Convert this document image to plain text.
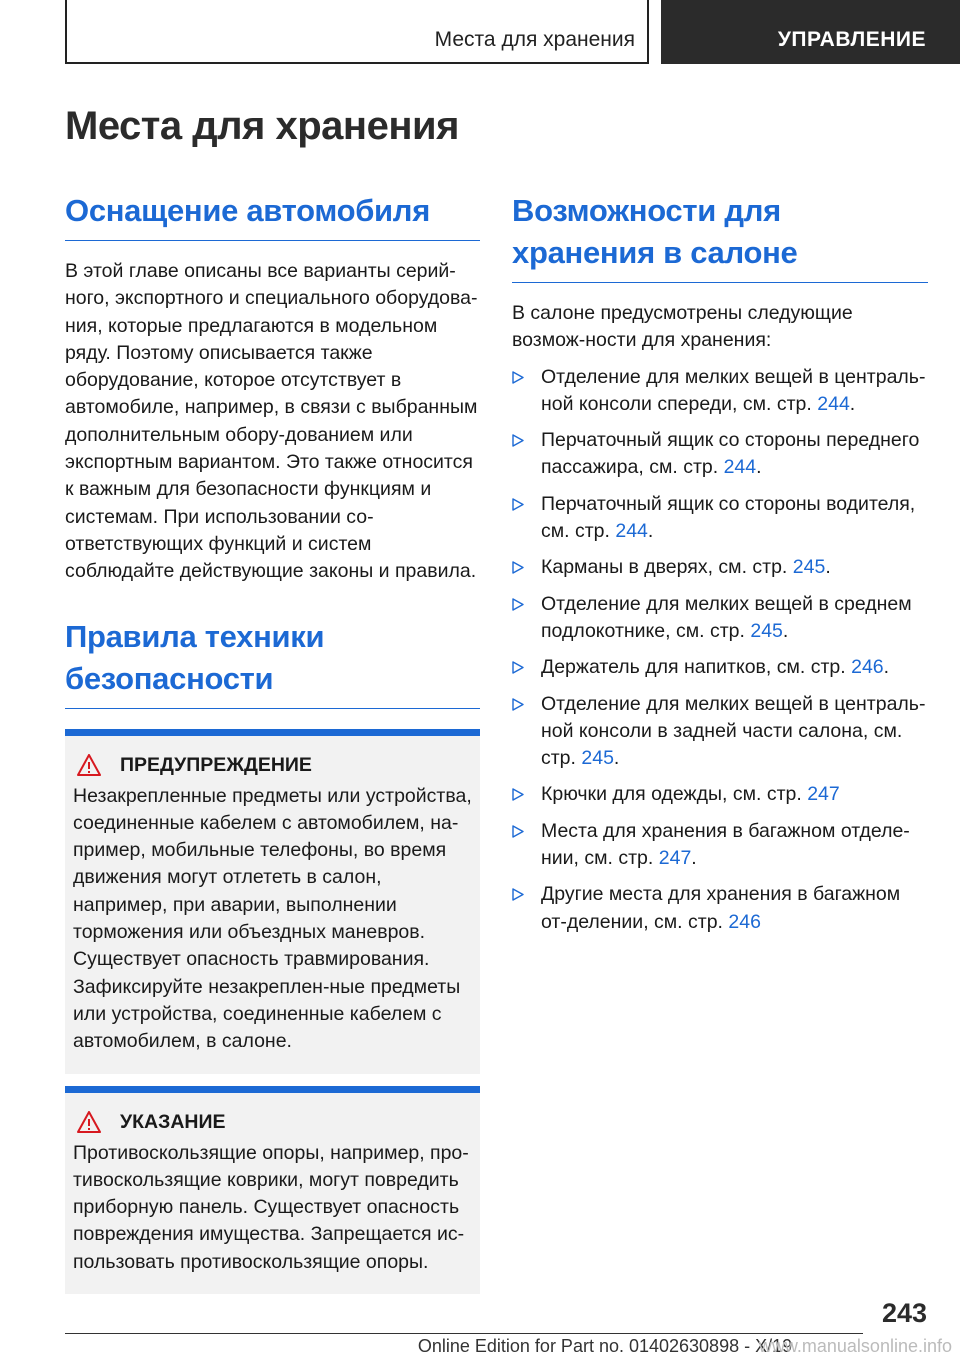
Места для хранения	УПРАВЛЕНИЕ
Места для хранения
Оснащение автомобиля

В этой главе описаны все варианты серий-ного, экспортного и специального оборудова-ния, которые предлагаются в модельном ряду. Поэтому описывается также оборудование, которое отсутствует в автомобиле, например, в связи с выбранным дополнительным обору-дованием или экспортным вариантом. Это также относится к важным для безопасности функциям и системам. При использовании со-ответствующих функций и систем соблюдайте действующие законы и правила.

Правила техники безопасности
ПРЕДУПРЕЖДЕНИЕ

Незакрепленные предметы или устройства, соединенные кабелем с автомобилем, на-пример, мобильные телефоны, во время движения могут отлететь в салон, например, при аварии, выполнении торможения или объездных маневров. Существует опасность травмирования. Зафиксируйте незакреплен-ные предметы или устройства, соединенные кабелем с автомобилем, в салоне.

УКАЗАНИЕ

Противоскользящие опоры, например, про-тивоскользящие коврики, могут повредить приборную панель. Существует опасность повреждения имущества. Запрещается ис-пользовать противоскользящие опоры.

Возможности для хранения в салоне

В салоне предусмотрены следующие возмож-ности для хранения:

Отделение для мелких вещей в централь-ной консоли спереди, см. стр. 244.
Перчаточный ящик со стороны переднего пассажира, см. стр. 244.
Перчаточный ящик со стороны водителя, см. стр. 244.
Карманы в дверях, см. стр. 245.
Отделение для мелких вещей в среднем подлокотнике, см. стр. 245.
Держатель для напитков, см. стр. 246.
Отделение для мелких вещей в централь-ной консоли в задней части салона, см. стр. 245.
Крючки для одежды, см. стр. 247
Места для хранения в багажном отделе-нии, см. стр. 247.
Другие места для хранения в багажном от-делении, см. стр. 246
243
Online Edition for Part no. 01402630898 - X/19
www.manualsonline.info
